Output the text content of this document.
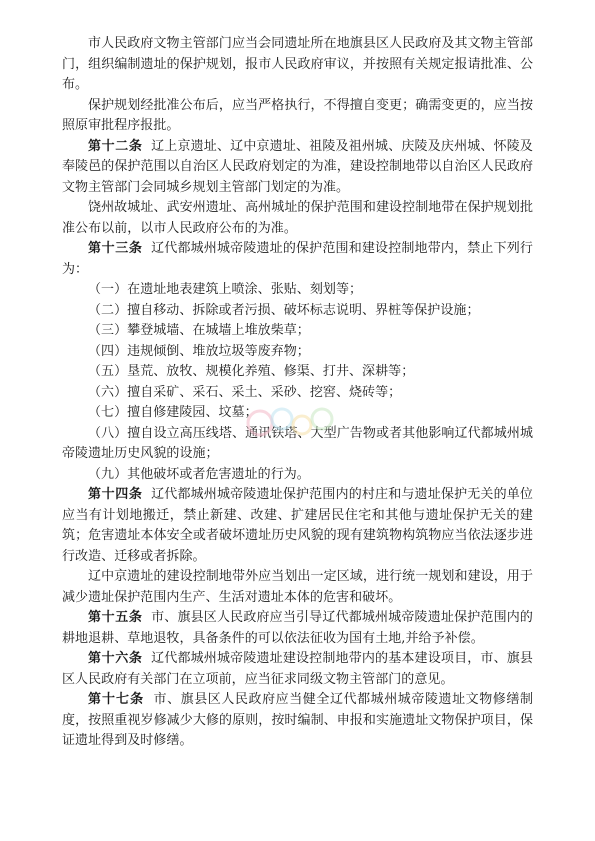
市人民政府文物主管部门应当会同遗址所在地旗县区人民政府及其文物主管部门，组织编制遗址的保护规划，报市人民政府审议，并按照有关规定报请批准、公布。

保护规划经批准公布后，应当严格执行，不得擅自变更；确需变更的，应当按照原审批程序报批。

第十二条 辽上京遗址、辽中京遗址、祖陵及祖州城、庆陵及庆州城、怀陵及奉陵邑的保护范围以自治区人民政府划定的为准，建设控制地带以自治区人民政府文物主管部门会同城乡规划主管部门划定的为准。

饶州故城址、武安州遗址、高州城址的保护范围和建设控制地带在保护规划批准公布以前，以市人民政府公布的为准。

第十三条 辽代都城州城帝陵遗址的保护范围和建设控制地带内，禁止下列行为：

（一）在遗址地表建筑上喷涂、张贴、刻划等；

（二）擅自移动、拆除或者污损、破坏标志说明、界桩等保护设施；

（三）攀登城墙、在城墙上堆放柴草；

（四）违规倾倒、堆放垃圾等废弃物；

（五）垦荒、放牧、规模化养殖、修渠、打井、深耕等；

（六）擅自采矿、采石、采土、采砂、挖窖、烧砖等；

（七）擅自修建陵园、坟墓；

（八）擅自设立高压线塔、通讯铁塔、大型广告物或者其他影响辽代都城州城帝陵遗址历史风貌的设施；

（九）其他破坏或者危害遗址的行为。

第十四条 辽代都城州城帝陵遗址保护范围内的村庄和与遗址保护无关的单位应当有计划地搬迁，禁止新建、改建、扩建居民住宅和其他与遗址保护无关的建筑；危害遗址本体安全或者破坏遗址历史风貌的现有建筑物构筑物应当依法逐步进行改造、迁移或者拆除。

辽中京遗址的建设控制地带外应当划出一定区域，进行统一规划和建设，用于减少遗址保护范围内生产、生活对遗址本体的危害和破坏。

第十五条 市、旗县区人民政府应当引导辽代都城州城帝陵遗址保护范围内的耕地退耕、草地退牧，具备条件的可以依法征收为国有土地,并给予补偿。

第十六条 辽代都城州城帝陵遗址建设控制地带内的基本建设项目，市、旗县区人民政府有关部门在立项前，应当征求同级文物主管部门的意见。

第十七条 市、旗县区人民政府应当健全辽代都城州城帝陵遗址文物修缮制度，按照重视岁修减少大修的原则，按时编制、申报和实施遗址文物保护项目，保证遗址得到及时修缮。
